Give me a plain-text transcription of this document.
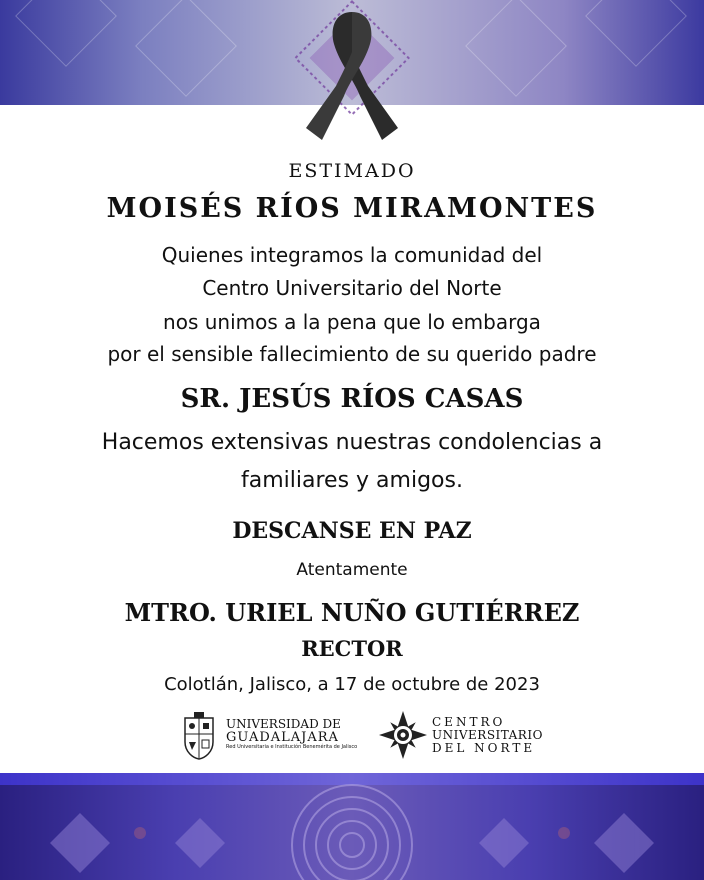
ESTIMADO
MOISÉS RÍOS MIRAMONTES
Quienes integramos la comunidad del
Centro Universitario del Norte
nos unimos a la pena que lo embarga
por el sensible fallecimiento de su querido padre
SR. JESÚS RÍOS CASAS
Hacemos extensivas nuestras condolencias a
familiares y amigos.
DESCANSE EN PAZ
Atentamente
MTRO. URIEL NUÑO GUTIÉRREZ
RECTOR
Colotlán, Jalisco, a 17 de octubre de 2023
UNIVERSIDAD DE
GUADALAJARA
Red Universitaria e Institución Benemérita de Jalisco
CENTRO
UNIVERSITARIO
DEL NORTE
